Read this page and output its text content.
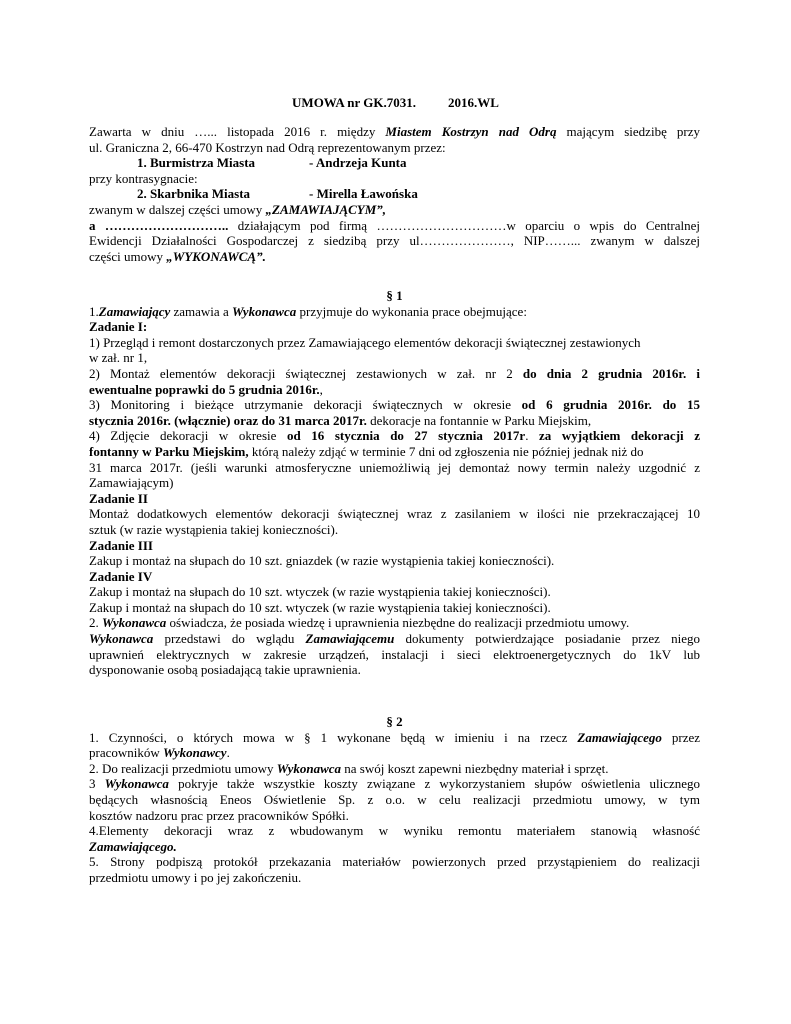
UMOWA nr GK.7031. 2016.WL
Zawarta w dniu …... listopada 2016 r. między Miastem Kostrzyn nad Odrą mającym siedzibę przy
ul. Graniczna 2, 66-470 Kostrzyn nad Odrą reprezentowanym przez:
1. Burmistrza Miasta	- Andrzeja Kunta
przy kontrasygnacie:
2. Skarbnika Miasta	- Mirella Ławońska
zwanym w dalszej części umowy „ZAMAWIAJĄCYM”,
a ……………………….. działającym pod firmą …………………………w oparciu o wpis do Centralnej
Ewidencji Działalności Gospodarczej z siedzibą przy ul…………………, NIP……... zwanym w dalszej
części umowy „WYKONAWCĄ”.
§ 1
1.Zamawiający zamawia a Wykonawca przyjmuje do wykonania prace obejmujące:
Zadanie I:
1) Przegląd i remont dostarczonych przez Zamawiającego elementów dekoracji świątecznej zestawionych
w zał. nr 1,
2) Montaż elementów dekoracji świątecznej zestawionych w zał. nr 2 do dnia 2 grudnia 2016r. i
ewentualne poprawki do 5 grudnia 2016r.,
3) Monitoring i bieżące utrzymanie dekoracji świątecznych w okresie od 6 grudnia 2016r. do 15
stycznia 2016r. (włącznie) oraz do 31 marca 2017r. dekoracje na fontannie w Parku Miejskim,
4) Zdjęcie dekoracji w okresie od 16 stycznia do 27 stycznia 2017r. za wyjątkiem dekoracji z
fontanny w Parku Miejskim, którą należy zdjąć w terminie 7 dni od zgłoszenia nie później jednak niż do
31 marca 2017r. (jeśli warunki atmosferyczne uniemożliwią jej demontaż nowy termin należy uzgodnić z
Zamawiającym)
Zadanie II
Montaż dodatkowych elementów dekoracji świątecznej wraz z zasilaniem w ilości nie przekraczającej 10
sztuk (w razie wystąpienia takiej konieczności).
Zadanie III
Zakup i montaż na słupach do 10 szt. gniazdek (w razie wystąpienia takiej konieczności).
Zadanie IV
Zakup i montaż na słupach do 10 szt. wtyczek (w razie wystąpienia takiej konieczności).
Zakup i montaż na słupach do 10 szt. wtyczek (w razie wystąpienia takiej konieczności).
2. Wykonawca oświadcza, że posiada wiedzę i uprawnienia niezbędne do realizacji przedmiotu umowy.
Wykonawca przedstawi do wglądu Zamawiającemu dokumenty potwierdzające posiadanie przez niego
uprawnień elektrycznych w zakresie urządzeń, instalacji i sieci elektroenergetycznych do 1kV lub
dysponowanie osobą posiadającą takie uprawnienia.
§ 2
1. Czynności, o których mowa w § 1 wykonane będą w imieniu i na rzecz Zamawiającego przez
pracowników Wykonawcy.
2. Do realizacji przedmiotu umowy Wykonawca na swój koszt zapewni niezbędny materiał i sprzęt.
3 Wykonawca pokryje także wszystkie koszty związane z wykorzystaniem słupów oświetlenia ulicznego
będących własnością Eneos Oświetlenie Sp. z o.o. w celu realizacji przedmiotu umowy, w tym
kosztów nadzoru prac przez pracowników Spółki.
4.Elementy dekoracji wraz z wbudowanym w wyniku remontu materiałem stanowią własność
Zamawiającego.
5. Strony podpiszą protokół przekazania materiałów powierzonych przed przystąpieniem do realizacji
przedmiotu umowy i po jej zakończeniu.
